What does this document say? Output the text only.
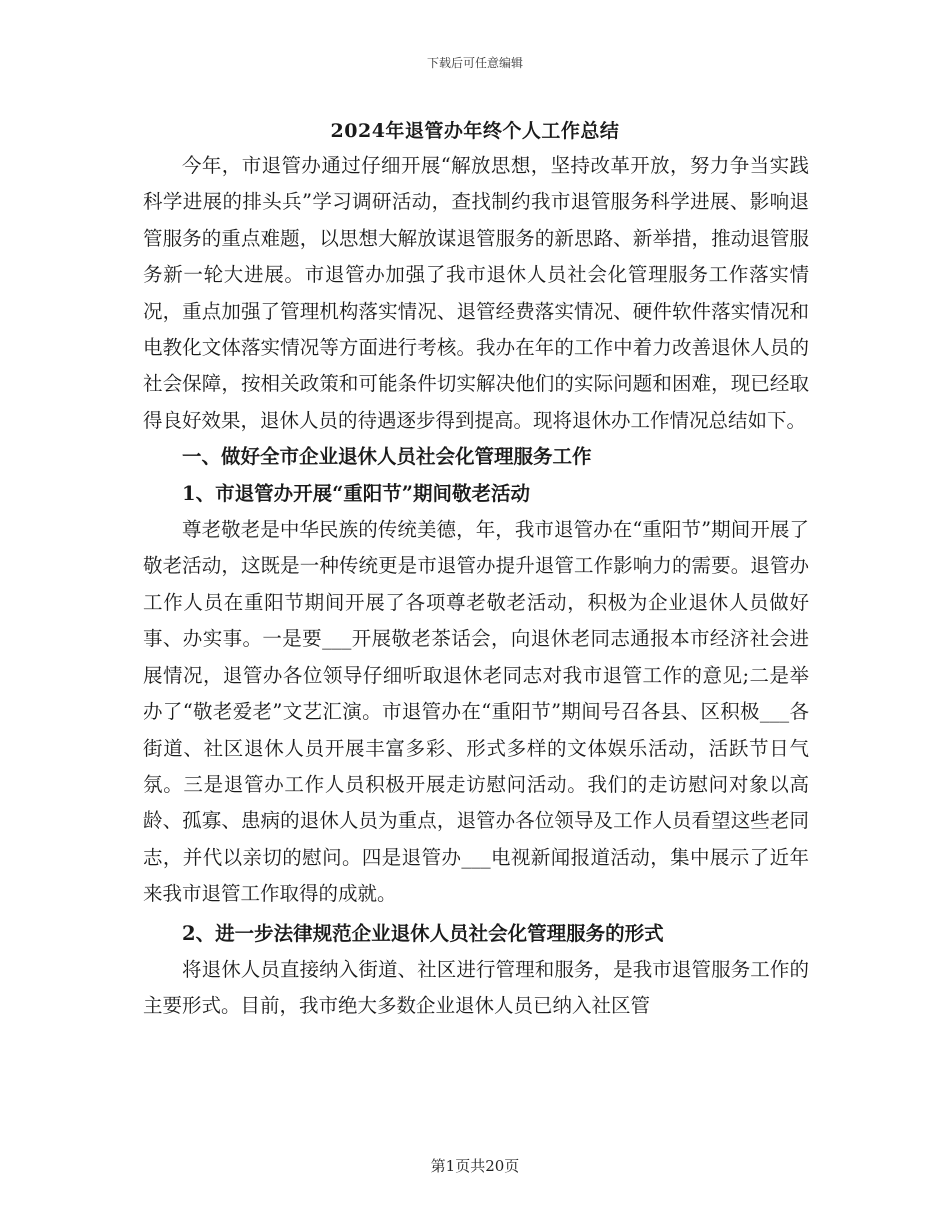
下载后可任意编辑
2024年退管办年终个人工作总结

今年，市退管办通过仔细开展“解放思想，坚持改革开放，努力争当实践科学进展的排头兵”学习调研活动，查找制约我市退管服务科学进展、影响退管服务的重点难题，以思想大解放谋退管服务的新思路、新举措，推动退管服务新一轮大进展。市退管办加强了我市退休人员社会化管理服务工作落实情况，重点加强了管理机构落实情况、退管经费落实情况、硬件软件落实情况和电教化文体落实情况等方面进行考核。我办在年的工作中着力改善退休人员的社会保障，按相关政策和可能条件切实解决他们的实际问题和困难，现已经取得良好效果，退休人员的待遇逐步得到提高。现将退休办工作情况总结如下。

一、做好全市企业退休人员社会化管理服务工作

1、市退管办开展“重阳节”期间敬老活动

尊老敬老是中华民族的传统美德，年，我市退管办在“重阳节”期间开展了敬老活动，这既是一种传统更是市退管办提升退管工作影响力的需要。退管办工作人员在重阳节期间开展了各项尊老敬老活动，积极为企业退休人员做好事、办实事。一是要___开展敬老茶话会，向退休老同志通报本市经济社会进展情况，退管办各位领导仔细听取退休老同志对我市退管工作的意见;二是举办了“敬老爱老”文艺汇演。市退管办在“重阳节”期间号召各县、区积极___各街道、社区退休人员开展丰富多彩、形式多样的文体娱乐活动，活跃节日气氛。三是退管办工作人员积极开展走访慰问活动。我们的走访慰问对象以高龄、孤寡、患病的退休人员为重点，退管办各位领导及工作人员看望这些老同志，并代以亲切的慰问。四是退管办___电视新闻报道活动，集中展示了近年来我市退管工作取得的成就。

2、进一步法律规范企业退休人员社会化管理服务的形式

将退休人员直接纳入街道、社区进行管理和服务，是我市退管服务工作的主要形式。目前，我市绝大多数企业退休人员已纳入社区管

第1页共20页
